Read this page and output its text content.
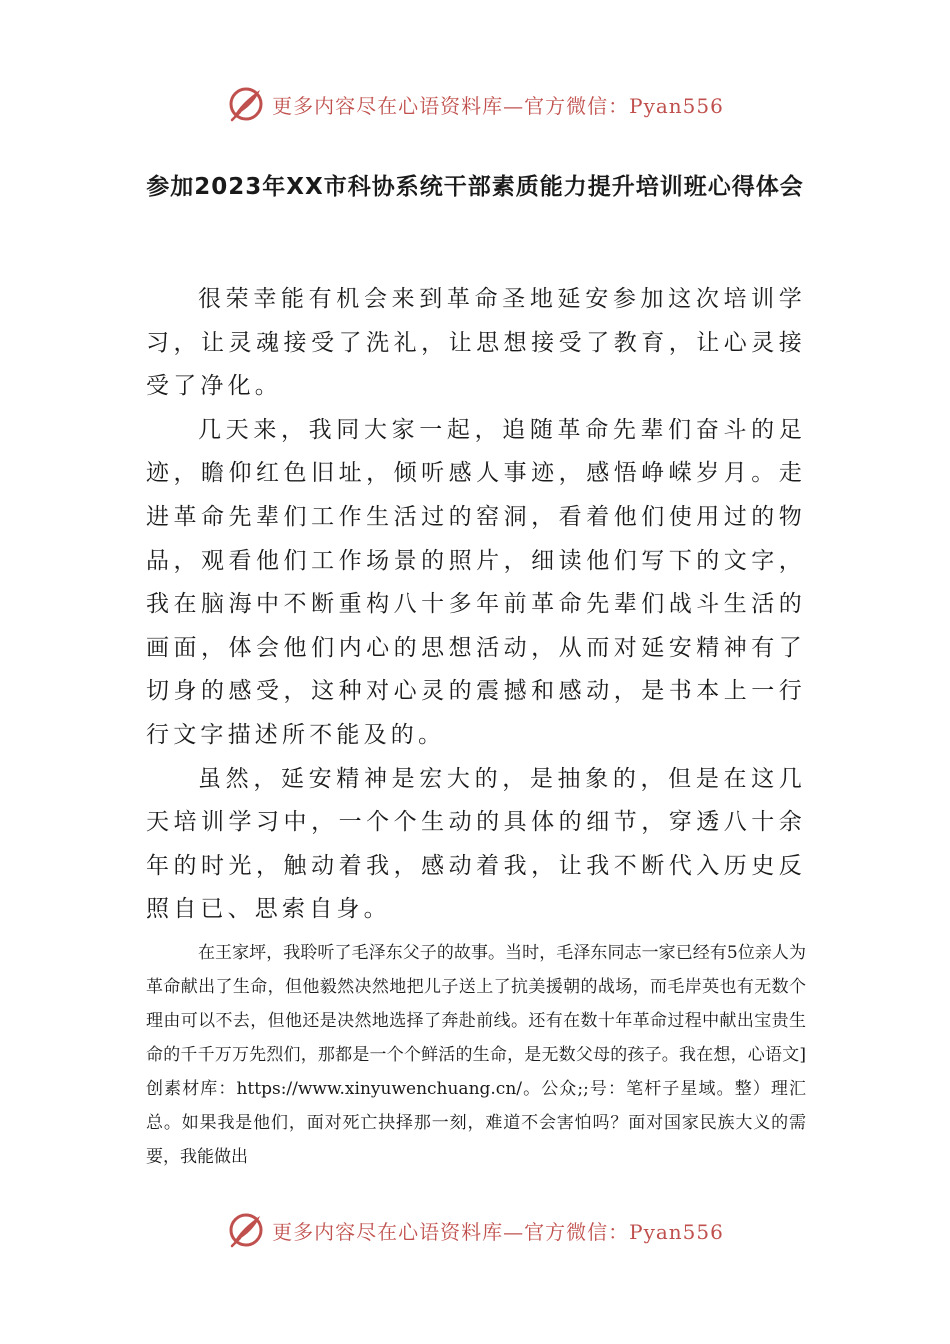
更多内容尽在心语资料库—官方微信：Pyan556
参加2023年XX市科协系统干部素质能力提升培训班心得体会

很荣幸能有机会来到革命圣地延安参加这次培训学习，让灵魂接受了洗礼，让思想接受了教育，让心灵接受了净化。

几天来，我同大家一起，追随革命先辈们奋斗的足迹，瞻仰红色旧址，倾听感人事迹，感悟峥嵘岁月。走进革命先辈们工作生活过的窑洞，看着他们使用过的物品，观看他们工作场景的照片，细读他们写下的文字，我在脑海中不断重构八十多年前革命先辈们战斗生活的画面，体会他们内心的思想活动，从而对延安精神有了切身的感受，这种对心灵的震撼和感动，是书本上一行行文字描述所不能及的。

虽然，延安精神是宏大的，是抽象的，但是在这几天培训学习中，一个个生动的具体的细节，穿透八十余年的时光，触动着我，感动着我，让我不断代入历史反照自已、思索自身。

在王家坪，我聆听了毛泽东父子的故事。当时，毛泽东同志一家已经有5位亲人为革命献出了生命，但他毅然决然地把儿子送上了抗美援朝的战场，而毛岸英也有无数个理由可以不去，但他还是决然地选择了奔赴前线。还有在数十年革命过程中献出宝贵生命的千千万万先烈们，那都是一个个鲜活的生命，是无数父母的孩子。我在想，心语文]创素材库：https://www.xinyuwenchuang.cn/。公众;;号：笔杆子星域。整）理汇总。如果我是他们，面对死亡抉择那一刻，难道不会害怕吗？面对国家民族大义的需要，我能做出

更多内容尽在心语资料库—官方微信：Pyan556
